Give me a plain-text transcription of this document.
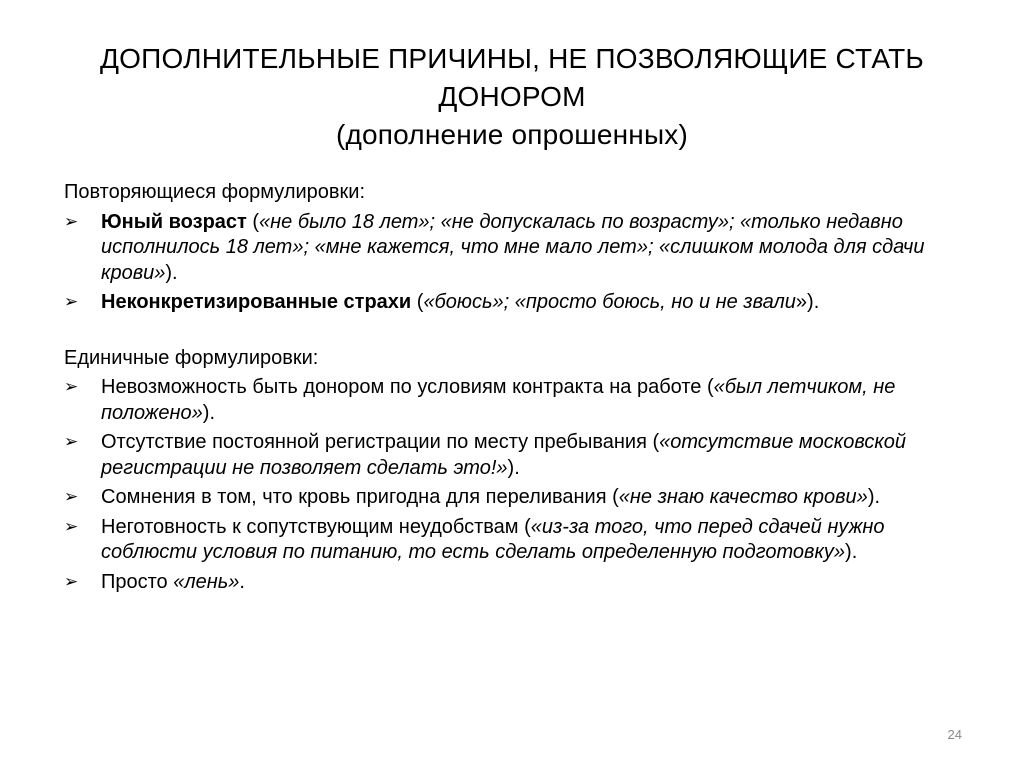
ДОПОЛНИТЕЛЬНЫЕ ПРИЧИНЫ, НЕ ПОЗВОЛЯЮЩИЕ СТАТЬ
ДОНОРОМ
(дополнение опрошенных)
Повторяющиеся формулировки:
➢	Юный возраст («не было 18 лет»; «не допускалась по возрасту»; «только недавно исполнилось 18 лет»; «мне кажется, что мне мало лет»; «слишком молода для сдачи крови»).
➢	Неконкретизированные страхи («боюсь»; «просто боюсь, но и не звали»).
Единичные формулировки:
➢	Невозможность быть донором по условиям контракта на работе («был летчиком, не положено»).
➢	Отсутствие постоянной регистрации по месту пребывания («отсутствие московской регистрации не позволяет сделать это!»).
➢	Сомнения в том, что кровь пригодна для переливания («не знаю качество крови»).
➢	Неготовность к сопутствующим неудобствам («из-за того, что перед сдачей нужно соблюсти условия по питанию, то есть сделать определенную подготовку»).
➢	Просто «лень».
24
